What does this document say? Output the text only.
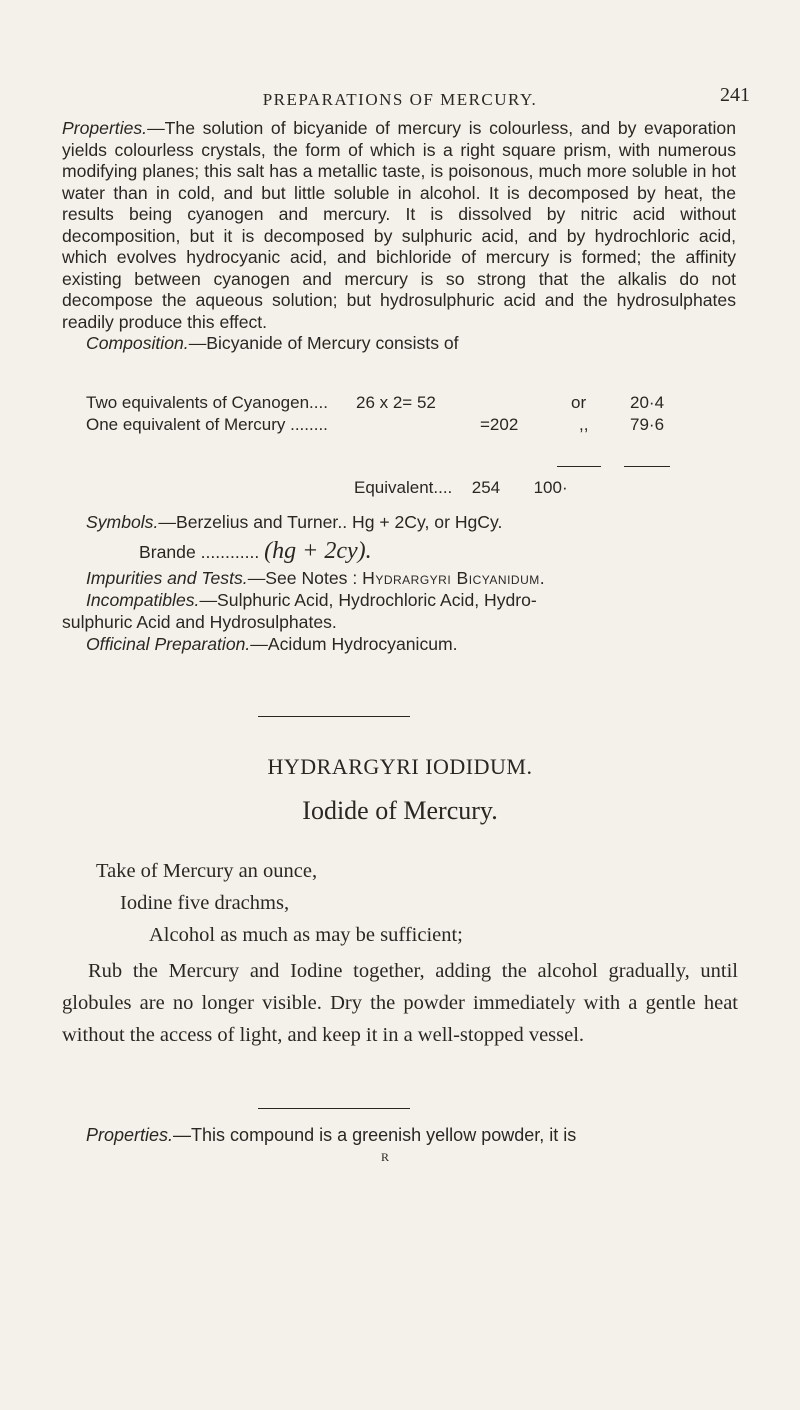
PREPARATIONS OF MERCURY.	241
Properties.—The solution of bicyanide of mercury is colourless, and by evaporation yields colourless crystals, the form of which is a right square prism, with numerous modifying planes; this salt has a metallic taste, is poisonous, much more soluble in hot water than in cold, and but little soluble in alcohol. It is decomposed by heat, the results being cyanogen and mercury. It is dissolved by nitric acid without decomposition, but it is decomposed by sulphuric acid, and by hydrochloric acid, which evolves hydrocyanic acid, and bichloride of mercury is formed; the affinity existing between cyanogen and mercury is so strong that the alkalis do not decompose the aqueous solution; but hydrosulphuric acid and the hydrosulphates readily produce this effect.
Composition.—Bicyanide of Mercury consists of
Two equivalents of Cyanogen.... 26 x 2= 52	or	20·4
One equivalent of Mercury ........	=202	,, 79·6
Equivalent.... 254 100·
Symbols.—Berzelius and Turner.. Hg + 2Cy, or HgCy.
Brande ............ (hg + 2cy).
Impurities and Tests.—See Notes : Hydrargyri Bicyanidum.
Incompatibles.—Sulphuric Acid, Hydrochloric Acid, Hydro-
sulphuric Acid and Hydrosulphates.
Officinal Preparation.—Acidum Hydrocyanicum.
HYDRARGYRI IODIDUM.
Iodide of Mercury.
Take of Mercury an ounce,
Iodine five drachms,
Alcohol as much as may be sufficient;
Rub the Mercury and Iodine together, adding the alcohol gradually, until globules are no longer visible. Dry the powder immediately with a gentle heat without the access of light, and keep it in a well-stopped vessel.
Properties.—This compound is a greenish yellow powder, it is
R
